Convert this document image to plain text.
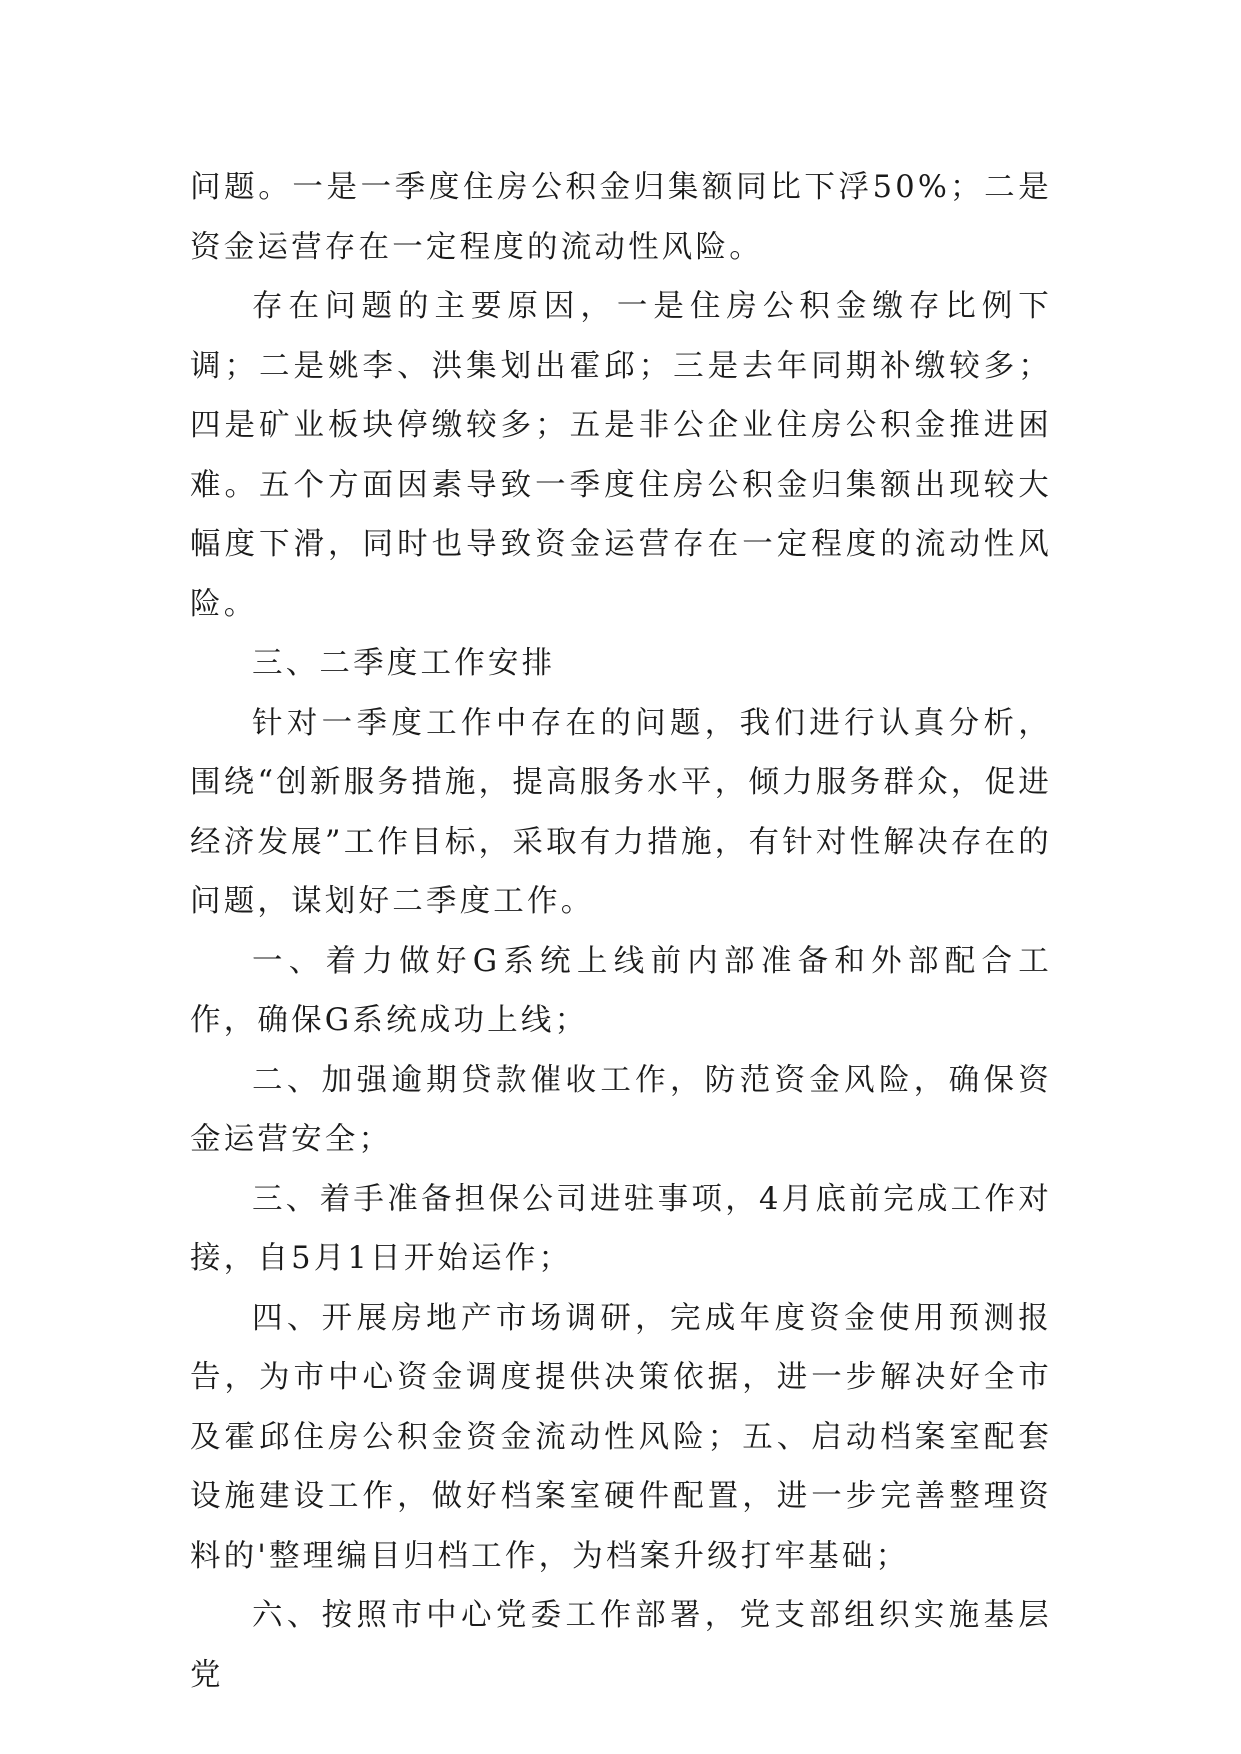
问题。一是一季度住房公积金归集额同比下浮50%；二是资金运营存在一定程度的流动性风险。

存在问题的主要原因，一是住房公积金缴存比例下调；二是姚李、洪集划出霍邱；三是去年同期补缴较多；四是矿业板块停缴较多；五是非公企业住房公积金推进困难。五个方面因素导致一季度住房公积金归集额出现较大幅度下滑，同时也导致资金运营存在一定程度的流动性风险。

三、二季度工作安排

针对一季度工作中存在的问题，我们进行认真分析，围绕“创新服务措施，提高服务水平，倾力服务群众，促进经济发展”工作目标，采取有力措施，有针对性解决存在的问题，谋划好二季度工作。

一、着力做好G系统上线前内部准备和外部配合工作，确保G系统成功上线；

二、加强逾期贷款催收工作，防范资金风险，确保资金运营安全；

三、着手准备担保公司进驻事项，4月底前完成工作对接，自5月1日开始运作；

四、开展房地产市场调研，完成年度资金使用预测报告，为市中心资金调度提供决策依据，进一步解决好全市及霍邱住房公积金资金流动性风险；五、启动档案室配套设施建设工作，做好档案室硬件配置，进一步完善整理资料的'整理编目归档工作，为档案升级打牢基础；

六、按照市中心党委工作部署，党支部组织实施基层党
